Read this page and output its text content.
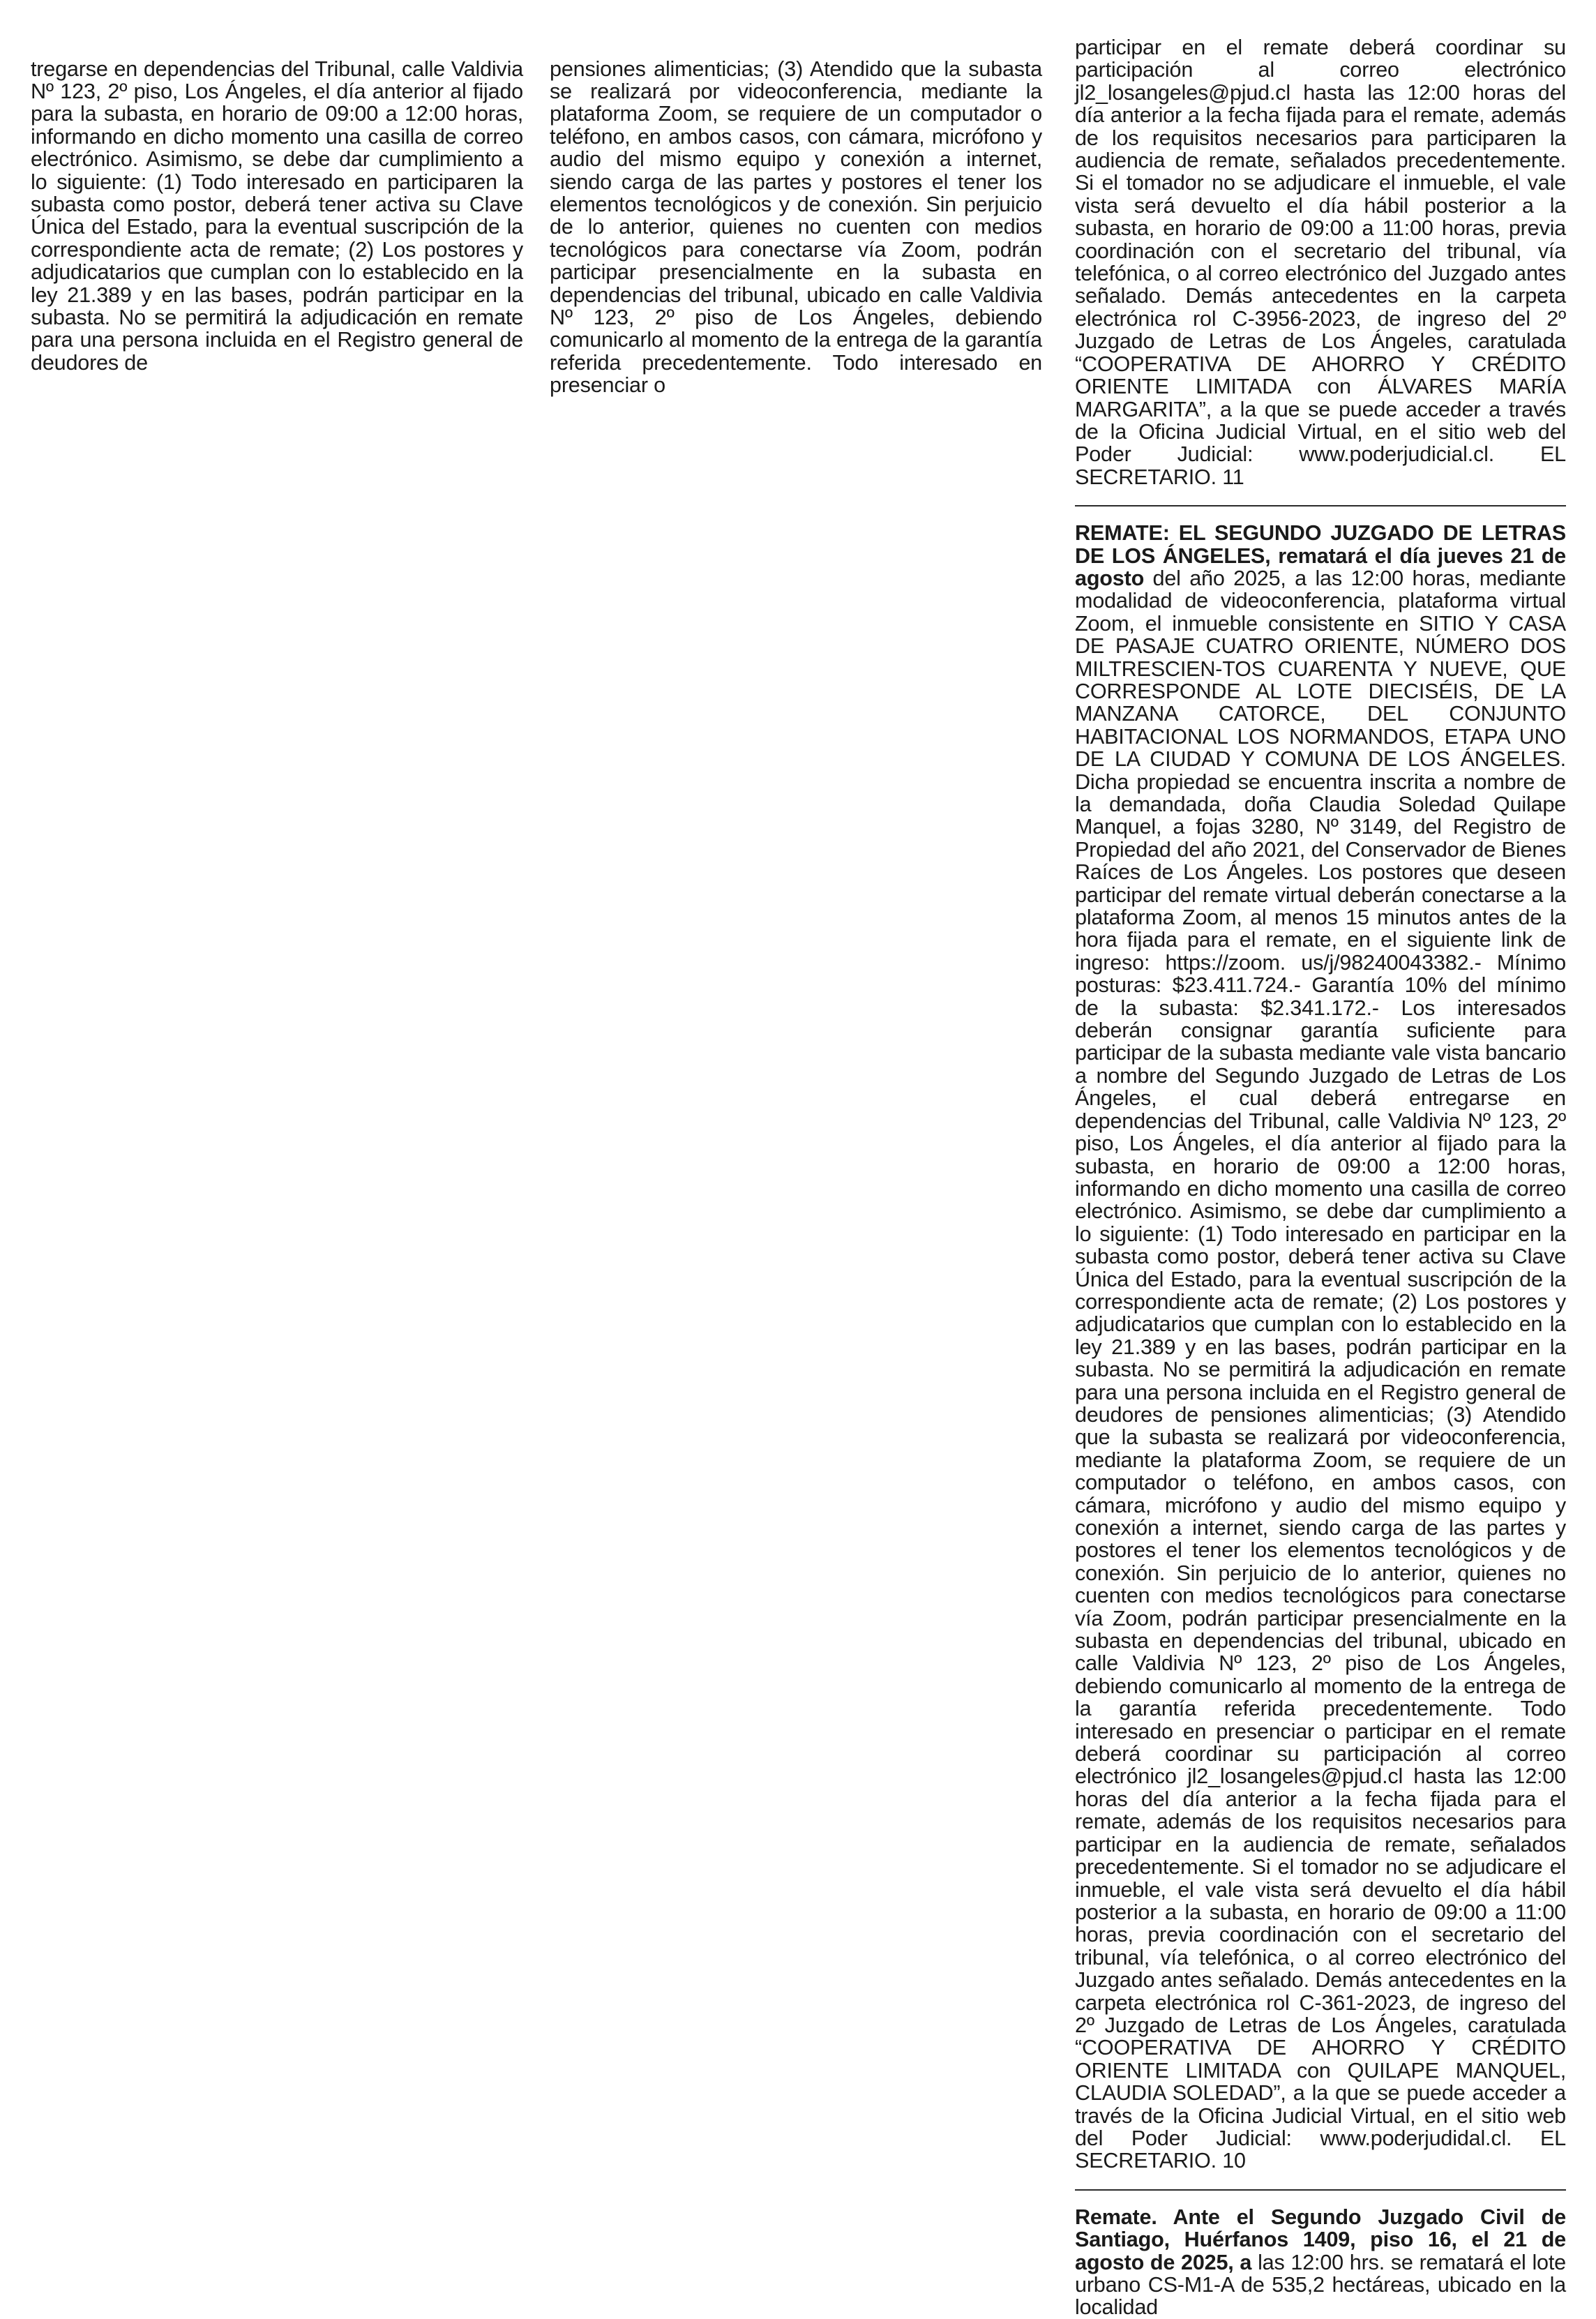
tregarse en dependencias del Tribunal, calle Valdivia Nº 123, 2º piso, Los Ángeles, el día anterior al fijado para la subasta, en horario de 09:00 a 12:00 horas, informando en dicho momento una casilla de correo electrónico. Asimismo, se debe dar cumplimiento a lo siguiente: (1) Todo interesado en participaren la subasta como postor, deberá tener activa su Clave Única del Estado, para la eventual suscripción de la correspondiente acta de remate; (2) Los postores y adjudicatarios que cumplan con lo establecido en la ley 21.389 y en las bases, podrán participar en la subasta. No se permitirá la adjudicación en remate para una persona incluida en el Registro general de deudores de

pensiones alimenticias; (3) Atendido que la subasta se realizará por videoconferencia, mediante la plataforma Zoom, se requiere de un computador o teléfono, en ambos casos, con cámara, micrófono y audio del mismo equipo y conexión a internet, siendo carga de las partes y postores el tener los elementos tecnológicos y de conexión. Sin perjuicio de lo anterior, quienes no cuenten con medios tecnológicos para conectarse vía Zoom, podrán participar presencialmente en la subasta en dependencias del tribunal, ubicado en calle Valdivia Nº 123, 2º piso de Los Ángeles, debiendo comunicarlo al momento de la entrega de la garantía referida precedentemente. Todo interesado en presenciar o

participar en el remate deberá coordinar su participación al correo electrónico jl2_losangeles@pjud.cl hasta las 12:00 horas del día anterior a la fecha fijada para el remate, además de los requisitos necesarios para participaren la audiencia de remate, señalados precedentemente. Si el tomador no se adjudicare el inmueble, el vale vista será devuelto el día hábil posterior a la subasta, en horario de 09:00 a 11:00 horas, previa coordinación con el secretario del tribunal, vía telefónica, o al correo electrónico del Juzgado antes señalado. Demás antecedentes en la carpeta electrónica rol C-3956-2023, de ingreso del 2º Juzgado de Letras de Los Ángeles, caratulada “COOPERATIVA DE AHORRO Y CRÉDITO ORIENTE LIMITADA con ÁLVARES MARÍA MARGARITA”, a la que se puede acceder a través de la Oficina Judicial Virtual, en el sitio web del Poder Judicial: www.poderjudicial.cl. EL SECRETARIO. 11

REMATE: EL SEGUNDO JUZGADO DE LETRAS DE LOS ÁNGELES, rematará el día jueves 21 de agosto del año 2025, a las 12:00 horas, mediante modalidad de videoconferencia, plataforma virtual Zoom, el inmueble consistente en SITIO Y CASA DE PASAJE CUATRO ORIENTE, NÚMERO DOS MILTRESCIEN-TOS CUARENTA Y NUEVE, QUE CORRESPONDE AL LOTE DIECISÉIS, DE LA MANZANA CATORCE, DEL CONJUNTO HABITACIONAL LOS NORMANDOS, ETAPA UNO DE LA CIUDAD Y COMUNA DE LOS ÁNGELES. Dicha propiedad se encuentra inscrita a nombre de la demandada, doña Claudia Soledad Quilape Manquel, a fojas 3280, Nº 3149, del Registro de Propiedad del año 2021, del Conservador de Bienes Raíces de Los Ángeles. Los postores que deseen participar del remate virtual deberán conectarse a la plataforma Zoom, al menos 15 minutos antes de la hora fijada para el remate, en el siguiente link de ingreso: https://zoom. us/j/98240043382.- Mínimo posturas: $23.411.724.- Garantía 10% del mínimo de la subasta: $2.341.172.- Los interesados deberán consignar garantía suficiente para participar de la subasta mediante vale vista bancario a nombre del Segundo Juzgado de Letras de Los Ángeles, el cual deberá entregarse en dependencias del Tribunal, calle Valdivia Nº 123, 2º piso, Los Ángeles, el día anterior al fijado para la subasta, en horario de 09:00 a 12:00 horas, informando en dicho momento una casilla de correo electrónico. Asimismo, se debe dar cumplimiento a lo siguiente: (1) Todo interesado en participar en la subasta como postor, deberá tener activa su Clave Única del Estado, para la eventual suscripción de la correspondiente acta de remate; (2) Los postores y adjudicatarios que cumplan con lo establecido en la ley 21.389 y en las bases, podrán participar en la subasta. No se permitirá la adjudicación en remate para una persona incluida en el Registro general de deudores de pensiones alimenticias; (3) Atendido que la subasta se realizará por videoconferencia, mediante la plataforma Zoom, se requiere de un computador o teléfono, en ambos casos, con cámara, micrófono y audio del mismo equipo y conexión a internet, siendo carga de las partes y postores el tener los elementos tecnológicos y de conexión. Sin perjuicio de lo anterior, quienes no cuenten con medios tecnológicos para conectarse vía Zoom, podrán participar presencialmente en la subasta en dependencias del tribunal, ubicado en calle Valdivia Nº 123, 2º piso de Los Ángeles, debiendo comunicarlo al momento de la entrega de la garantía referida precedentemente. Todo interesado en presenciar o participar en el remate deberá coordinar su participación al correo electrónico jl2_losangeles@pjud.cl hasta las 12:00 horas del día anterior a la fecha fijada para el remate, además de los requisitos necesarios para participar en la audiencia de remate, señalados precedentemente. Si el tomador no se adjudicare el inmueble, el vale vista será devuelto el día hábil posterior a la subasta, en horario de 09:00 a 11:00 horas, previa coordinación con el secretario del tribunal, vía telefónica, o al correo electrónico del Juzgado antes señalado. Demás antecedentes en la carpeta electrónica rol C-361-2023, de ingreso del 2º Juzgado de Letras de Los Ángeles, caratulada “COOPERATIVA DE AHORRO Y CRÉDITO ORIENTE LIMITADA con QUILAPE MANQUEL, CLAUDIA SOLEDAD”, a la que se puede acceder a través de la Oficina Judicial Virtual, en el sitio web del Poder Judicial: www.poderjudidal.cl. EL SECRETARIO. 10

Remate. Ante el Segundo Juzgado Civil de Santiago, Huérfanos 1409, piso 16, el 21 de agosto de 2025, a las 12:00 hrs. se rematará el lote urbano CS-M1-A de 535,2 hectáreas, ubicado en la localidad
